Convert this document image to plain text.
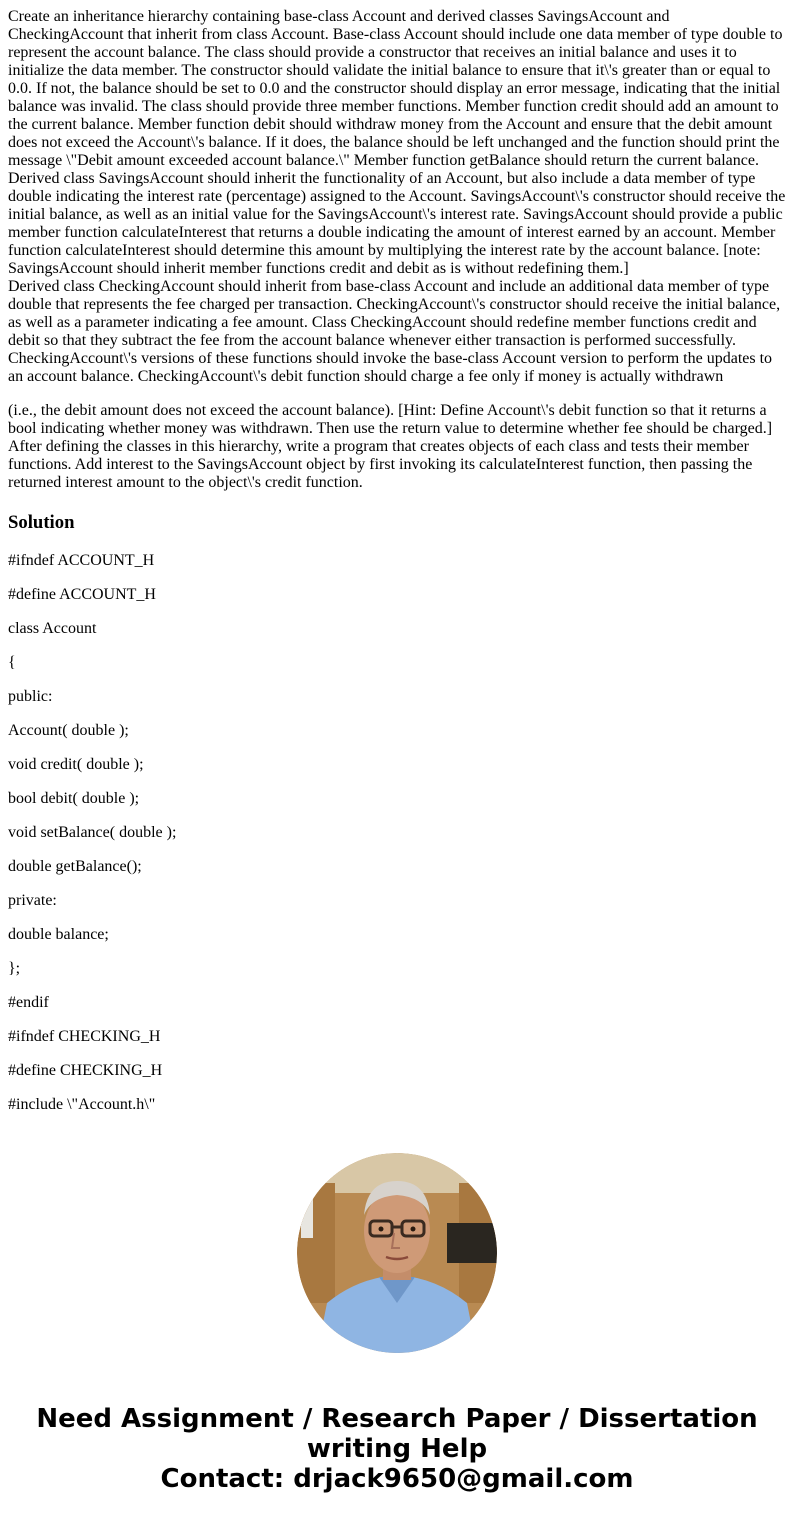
Create an inheritance hierarchy containing base-class Account and derived classes SavingsAccount and CheckingAccount that inherit from class Account. Base-class Account should include one data member of type double to represent the account balance. The class should provide a constructor that receives an initial balance and uses it to initialize the data member. The constructor should validate the initial balance to ensure that it\'s greater than or equal to 0.0. If not, the balance should be set to 0.0 and the constructor should display an error message, indicating that the initial balance was invalid. The class should provide three member functions. Member function credit should add an amount to the current balance. Member function debit should withdraw money from the Account and ensure that the debit amount does not exceed the Account\'s balance. If it does, the balance should be left unchanged and the function should print the message \"Debit amount exceeded account balance.\" Member function getBalance should return the current balance. Derived class SavingsAccount should inherit the functionality of an Account, but also include a data member of type double indicating the interest rate (percentage) assigned to the Account. SavingsAccount\'s constructor should receive the initial balance, as well as an initial value for the SavingsAccount\'s interest rate. SavingsAccount should provide a public member function calculateInterest that returns a double indicating the amount of interest earned by an account. Member function calculateInterest should determine this amount by multiplying the interest rate by the account balance. [note: SavingsAccount should inherit member functions credit and debit as is without redefining them.]

Derived class CheckingAccount should inherit from base-class Account and include an additional data member of type double that represents the fee charged per transaction. CheckingAccount\'s constructor should receive the initial balance, as well as a parameter indicating a fee amount. Class CheckingAccount should redefine member functions credit and debit so that they subtract the fee from the account balance whenever either transaction is performed successfully. CheckingAccount\'s versions of these functions should invoke the base-class Account version to perform the updates to an account balance. CheckingAccount\'s debit function should charge a fee only if money is actually withdrawn

(i.e., the debit amount does not exceed the account balance). [Hint: Define Account\'s debit function so that it returns a bool indicating whether money was withdrawn. Then use the return value to determine whether fee should be charged.] After defining the classes in this hierarchy, write a program that creates objects of each class and tests their member functions. Add interest to the SavingsAccount object by first invoking its calculateInterest function, then passing the returned interest amount to the object\'s credit function.

Solution

#ifndef ACCOUNT_H

#define ACCOUNT_H

class Account

{

public:

Account( double );

void credit( double );

bool debit( double );

void setBalance( double );

double getBalance();

private:

double balance;

};

#endif

#ifndef CHECKING_H

#define CHECKING_H

#include \"Account.h\"

Need Assignment / Research Paper / Dissertation writing Help
Contact: drjack9650@gmail.com
